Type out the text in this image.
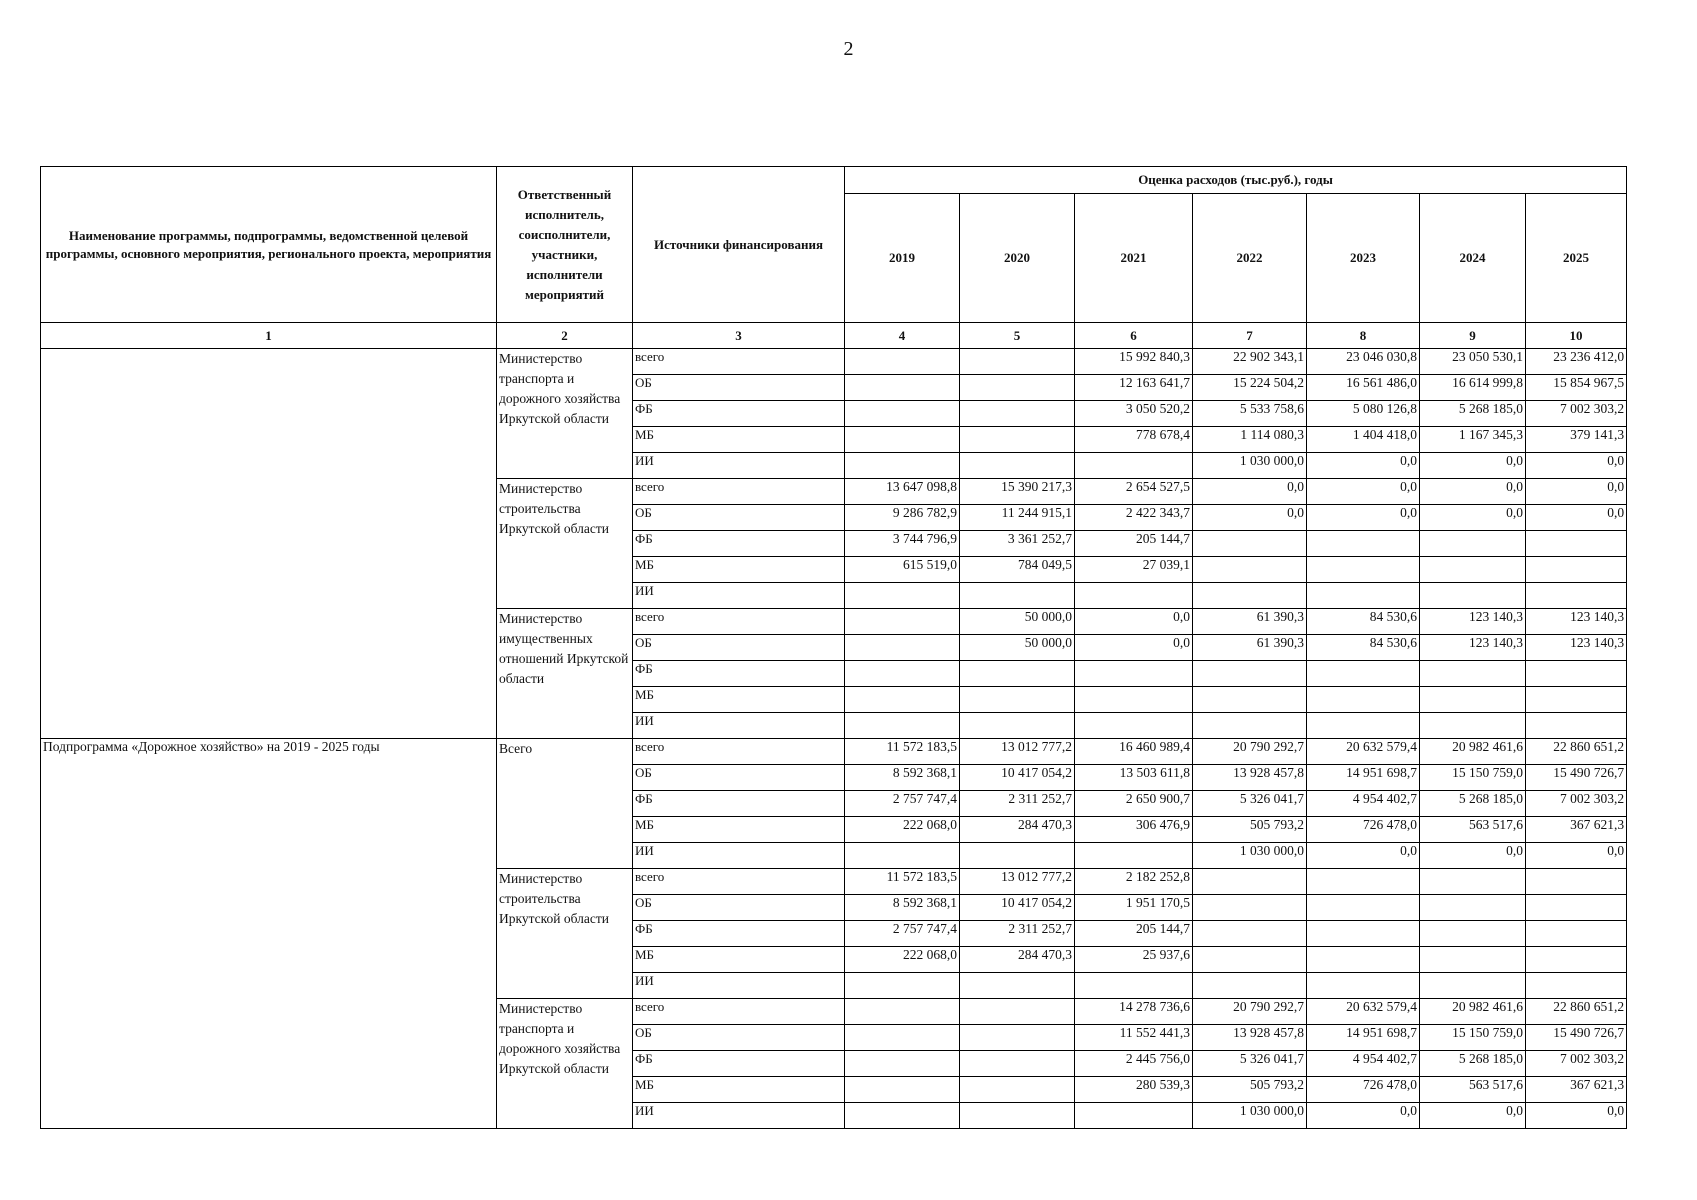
2
Наименование программы, подпрограммы, ведомственной целевой программы, основного мероприятия, регионального проекта, мероприятия	Ответственный исполнитель, соисполнители, участники, исполнители мероприятий	Источники финансирования	Оценка расходов (тыс.руб.), годы						
			2019	2020	2021	2022	2023	2024	2025
1	2	3	4	5	6	7	8	9	10
	Министерство транспорта и дорожного хозяйства Иркутской области	всего			15 992 840,3	22 902 343,1	23 046 030,8	23 050 530,1	23 236 412,0
		ОБ			12 163 641,7	15 224 504,2	16 561 486,0	16 614 999,8	15 854 967,5
		ФБ			3 050 520,2	5 533 758,6	5 080 126,8	5 268 185,0	7 002 303,2
		МБ			778 678,4	1 114 080,3	1 404 418,0	1 167 345,3	379 141,3
		ИИ				1 030 000,0	0,0	0,0	0,0
	Министерство строительства Иркутской области	всего	13 647 098,8	15 390 217,3	2 654 527,5	0,0	0,0	0,0	0,0
		ОБ	9 286 782,9	11 244 915,1	2 422 343,7	0,0	0,0	0,0	0,0
		ФБ	3 744 796,9	3 361 252,7	205 144,7				
		МБ	615 519,0	784 049,5	27 039,1				
		ИИ							
	Министерство имущественных отношений Иркутской области	всего		50 000,0	0,0	61 390,3	84 530,6	123 140,3	123 140,3
		ОБ		50 000,0	0,0	61 390,3	84 530,6	123 140,3	123 140,3
		ФБ							
		МБ							
		ИИ							
Подпрограмма «Дорожное хозяйство» на 2019 - 2025 годы	Всего	всего	11 572 183,5	13 012 777,2	16 460 989,4	20 790 292,7	20 632 579,4	20 982 461,6	22 860 651,2
		ОБ	8 592 368,1	10 417 054,2	13 503 611,8	13 928 457,8	14 951 698,7	15 150 759,0	15 490 726,7
		ФБ	2 757 747,4	2 311 252,7	2 650 900,7	5 326 041,7	4 954 402,7	5 268 185,0	7 002 303,2
		МБ	222 068,0	284 470,3	306 476,9	505 793,2	726 478,0	563 517,6	367 621,3
		ИИ				1 030 000,0	0,0	0,0	0,0
	Министерство строительства Иркутской области	всего	11 572 183,5	13 012 777,2	2 182 252,8				
		ОБ	8 592 368,1	10 417 054,2	1 951 170,5				
		ФБ	2 757 747,4	2 311 252,7	205 144,7				
		МБ	222 068,0	284 470,3	25 937,6				
		ИИ							
	Министерство транспорта и дорожного хозяйства Иркутской области	всего			14 278 736,6	20 790 292,7	20 632 579,4	20 982 461,6	22 860 651,2
		ОБ			11 552 441,3	13 928 457,8	14 951 698,7	15 150 759,0	15 490 726,7
		ФБ			2 445 756,0	5 326 041,7	4 954 402,7	5 268 185,0	7 002 303,2
		МБ			280 539,3	505 793,2	726 478,0	563 517,6	367 621,3
		ИИ				1 030 000,0	0,0	0,0	0,0
